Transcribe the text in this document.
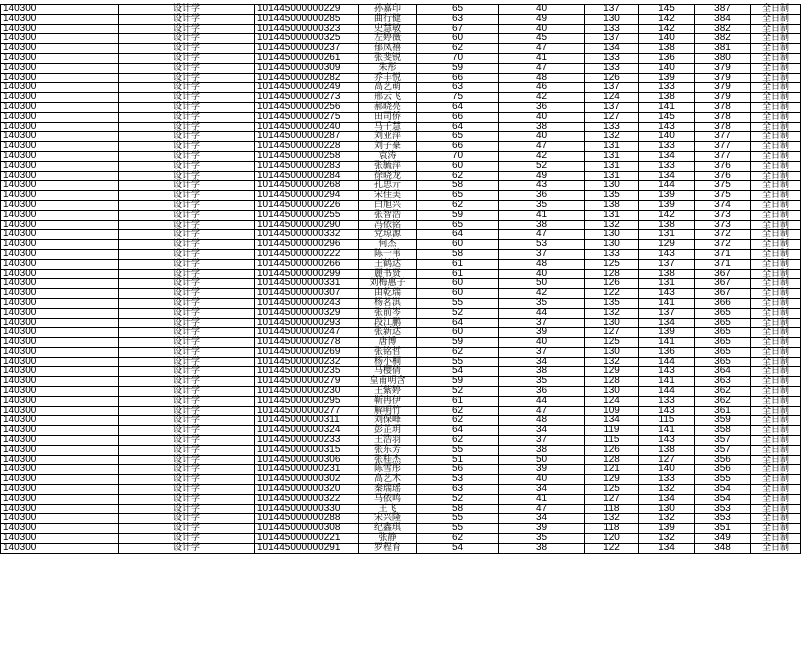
140300	设计学	101445000000229	孙嘉印	65	40	137	145	387	全日制
140300	设计学	101445000000285	曲行健	63	49	130	142	384	全日制
140300	设计学	101445000000323	史慧敏	67	40	133	142	382	全日制
140300	设计学	101445000000325	左婷薇	60	45	137	140	382	全日制
140300	设计学	101445000000237	郁凤禧	62	47	134	138	381	全日制
140300	设计学	101445000000261	张斐锐	70	41	133	136	380	全日制
140300	设计学	101445000000309	朱彤	59	47	133	140	379	全日制
140300	设计学	101445000000282	乔丰悦	66	48	126	139	379	全日制
140300	设计学	101445000000249	高艺萌	63	46	137	133	379	全日制
140300	设计学	101445000000273	邢云飞	75	42	124	138	379	全日制
140300	设计学	101445000000256	郝晓亮	64	36	137	141	378	全日制
140300	设计学	101445000000275	田司侨	66	40	127	145	378	全日制
140300	设计学	101445000000240	马千慧	64	38	133	143	378	全日制
140300	设计学	101445000000287	刘亚萍	65	40	132	140	377	全日制
140300	设计学	101445000000228	刘子豪	66	47	131	133	377	全日制
140300	设计学	101445000000258	袁涛	70	42	131	134	377	全日制
140300	设计学	101445000000283	张毓萍	60	52	131	133	376	全日制
140300	设计学	101445000000284	徐晓龙	62	49	131	134	376	全日制
140300	设计学	101445000000268	孔思亓	58	43	130	144	375	全日制
140300	设计学	101445000000294	宋佳美	65	36	135	139	375	全日制
140300	设计学	101445000000226	白旭兴	62	35	138	139	374	全日制
140300	设计学	101445000000255	张智浩	59	41	131	142	373	全日制
140300	设计学	101445000000290	冯依铭	65	38	132	138	373	全日制
140300	设计学	101445000000332	党琼源	64	47	130	131	372	全日制
140300	设计学	101445000000296	何杰	60	53	130	129	372	全日制
140300	设计学	101445000000222	陈一苇	58	37	133	143	371	全日制
140300	设计学	101445000000266	王鹤达	61	48	125	137	371	全日制
140300	设计学	101445000000299	麗书贤	61	40	128	138	367	全日制
140300	设计学	101445000000331	刘梅惠子	60	50	126	131	367	全日制
140300	设计学	101445000000307	由乾瑞	60	42	122	143	367	全日制
140300	设计学	101445000000243	杨茗淇	55	35	135	141	366	全日制
140300	设计学	101445000000329	张前岑	52	44	132	137	365	全日制
140300	设计学	101445000000293	段江鹏	64	37	130	134	365	全日制
140300	设计学	101445000000247	张新达	60	39	127	139	365	全日制
140300	设计学	101445000000278	唐博	59	40	125	141	365	全日制
140300	设计学	101445000000269	张铭哲	62	37	130	136	365	全日制
140300	设计学	101445000000232	杨小桐	55	34	132	144	365	全日制
140300	设计学	101445000000235	马樱倩	54	38	129	143	364	全日制
140300	设计学	101445000000279	皇甫明含	59	35	128	141	363	全日制
140300	设计学	101445000000230	王紫婷	52	36	130	144	362	全日制
140300	设计学	101445000000295	靳冉伊	61	44	124	133	362	全日制
140300	设计学	101445000000277	解明竹	62	47	109	143	361	全日制
140300	设计学	101445000000311	刘保峰	62	48	134	115	359	全日制
140300	设计学	101445000000324	彭芷玥	64	34	119	141	358	全日制
140300	设计学	101445000000233	王浩羽	62	37	115	143	357	全日制
140300	设计学	101445000000315	张东芳	55	38	126	138	357	全日制
140300	设计学	101445000000306	张桂杰	51	50	128	127	356	全日制
140300	设计学	101445000000231	陈雪彤	56	39	121	140	356	全日制
140300	设计学	101445000000302	高艺木	53	40	129	133	355	全日制
140300	设计学	101445000000320	秦瑞瑶	63	34	125	132	354	全日制
140300	设计学	101445000000322	马依鸣	52	41	127	134	354	全日制
140300	设计学	101445000000330	王飞	58	47	118	130	353	全日制
140300	设计学	101445000000288	宋兴隆	55	34	132	132	353	全日制
140300	设计学	101445000000308	纪鑫琪	55	39	118	139	351	全日制
140300	设计学	101445000000221	张静	62	35	120	132	349	全日制
140300	设计学	101445000000291	罗程育	54	38	122	134	348	全日制
